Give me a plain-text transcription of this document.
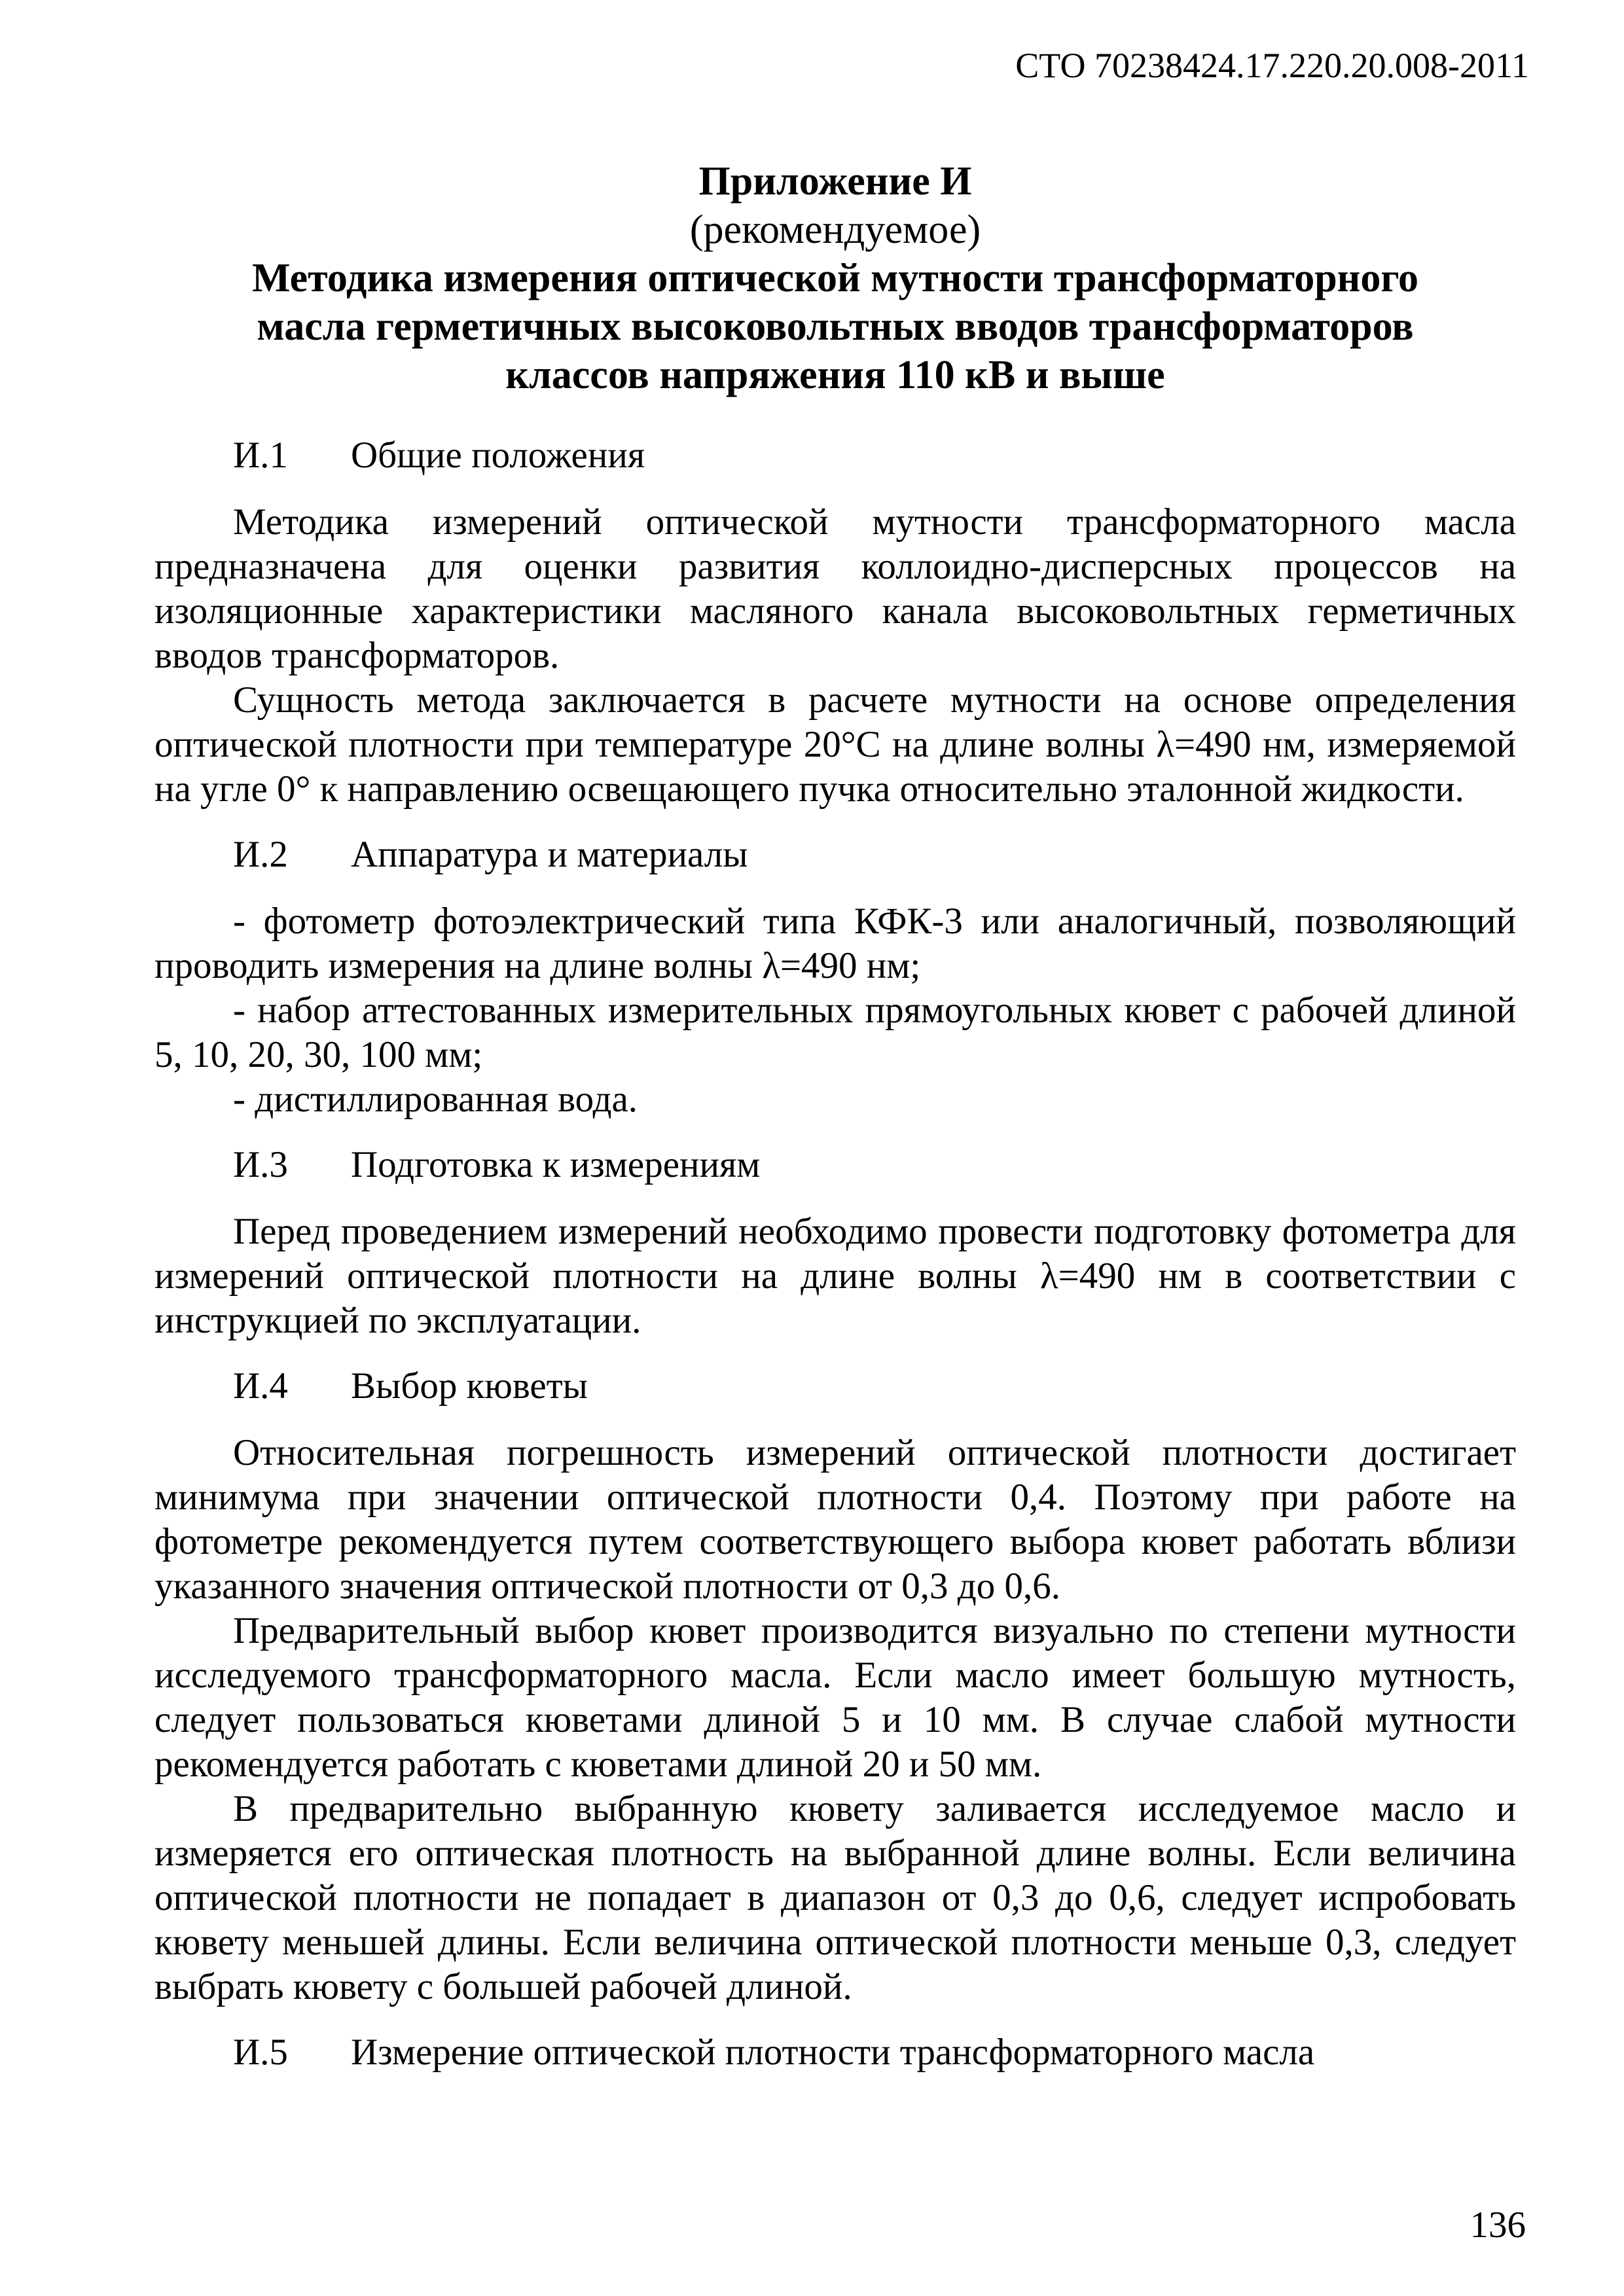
СТО 70238424.17.220.20.008-2011
Приложение И
(рекомендуемое)
Методика измерения оптической мутности трансформаторного
масла герметичных высоковольтных вводов трансформаторов
классов напряжения 110 кВ и выше
И.1 Общие положения

Методика измерений оптической мутности трансформаторного масла предназначена для оценки развития коллоидно-дисперсных процессов на изоляционные характеристики масляного канала высоковольтных герметичных вводов трансформаторов.

Сущность метода заключается в расчете мутности на основе определения оптической плотности при температуре 20°С на длине волны λ=490 нм, измеряемой на угле 0° к направлению освещающего пучка относительно эталонной жидкости.

И.2 Аппаратура и материалы

- фотометр фотоэлектрический типа КФК-3 или аналогичный, позволяющий проводить измерения на длине волны λ=490 нм;

- набор аттестованных измерительных прямоугольных кювет с рабочей длиной 5, 10, 20, 30, 100 мм;

- дистиллированная вода.

И.3 Подготовка к измерениям

Перед проведением измерений необходимо провести подготовку фотометра для измерений оптической плотности на длине волны λ=490 нм в соответствии с инструкцией по эксплуатации.

И.4 Выбор кюветы

Относительная погрешность измерений оптической плотности достигает минимума при значении оптической плотности 0,4. Поэтому при работе на фотометре рекомендуется путем соответствующего выбора кювет работать вблизи указанного значения оптической плотности от 0,3 до 0,6.

Предварительный выбор кювет производится визуально по степени мутности исследуемого трансформаторного масла. Если масло имеет большую мутность, следует пользоваться кюветами длиной 5 и 10 мм. В случае слабой мутности рекомендуется работать с кюветами длиной 20 и 50 мм.

В предварительно выбранную кювету заливается исследуемое масло и измеряется его оптическая плотность на выбранной длине волны. Если величина оптической плотности не попадает в диапазон от 0,3 до 0,6, следует испробовать кювету меньшей длины. Если величина оптической плотности меньше 0,3, следует выбрать кювету с большей рабочей длиной.

И.5 Измерение оптической плотности трансформаторного масла
136
